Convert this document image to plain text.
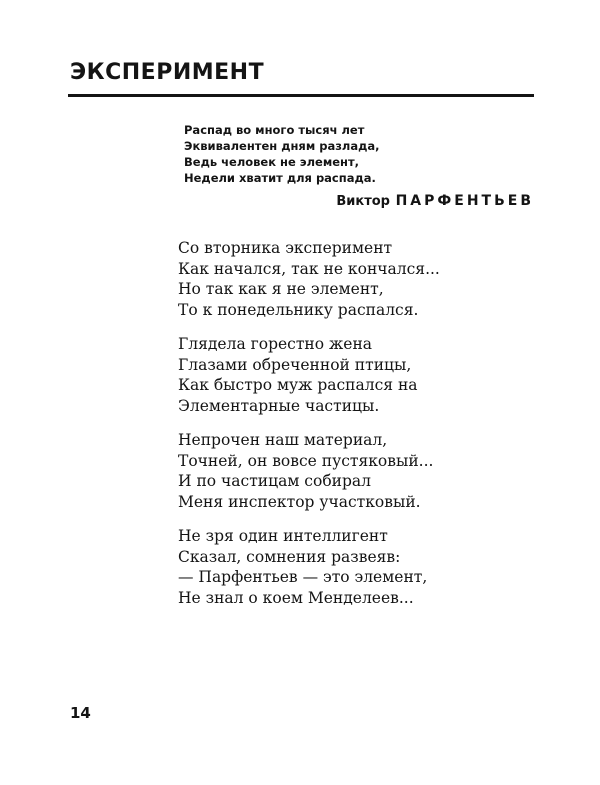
ЭКСПЕРИМЕНТ
Распад во много тысяч лет
Эквивалентен дням разлада,
Ведь человек не элемент,
Недели хватит для распада.
Виктор ПАРФЕНТЬЕВ
Со вторника эксперимент
Как начался, так не кончался...
Но так как я не элемент,
То к понедельнику распался.
Глядела горестно жена
Глазами обреченной птицы,
Как быстро муж распался на
Элементарные частицы.
Непрочен наш материал,
Точней, он вовсе пустяковый...
И по частицам собирал
Меня инспектор участковый.
Не зря один интеллигент
Сказал, сомнения развеяв:
— Парфентьев — это элемент,
Не знал о коем Менделеев...
14
